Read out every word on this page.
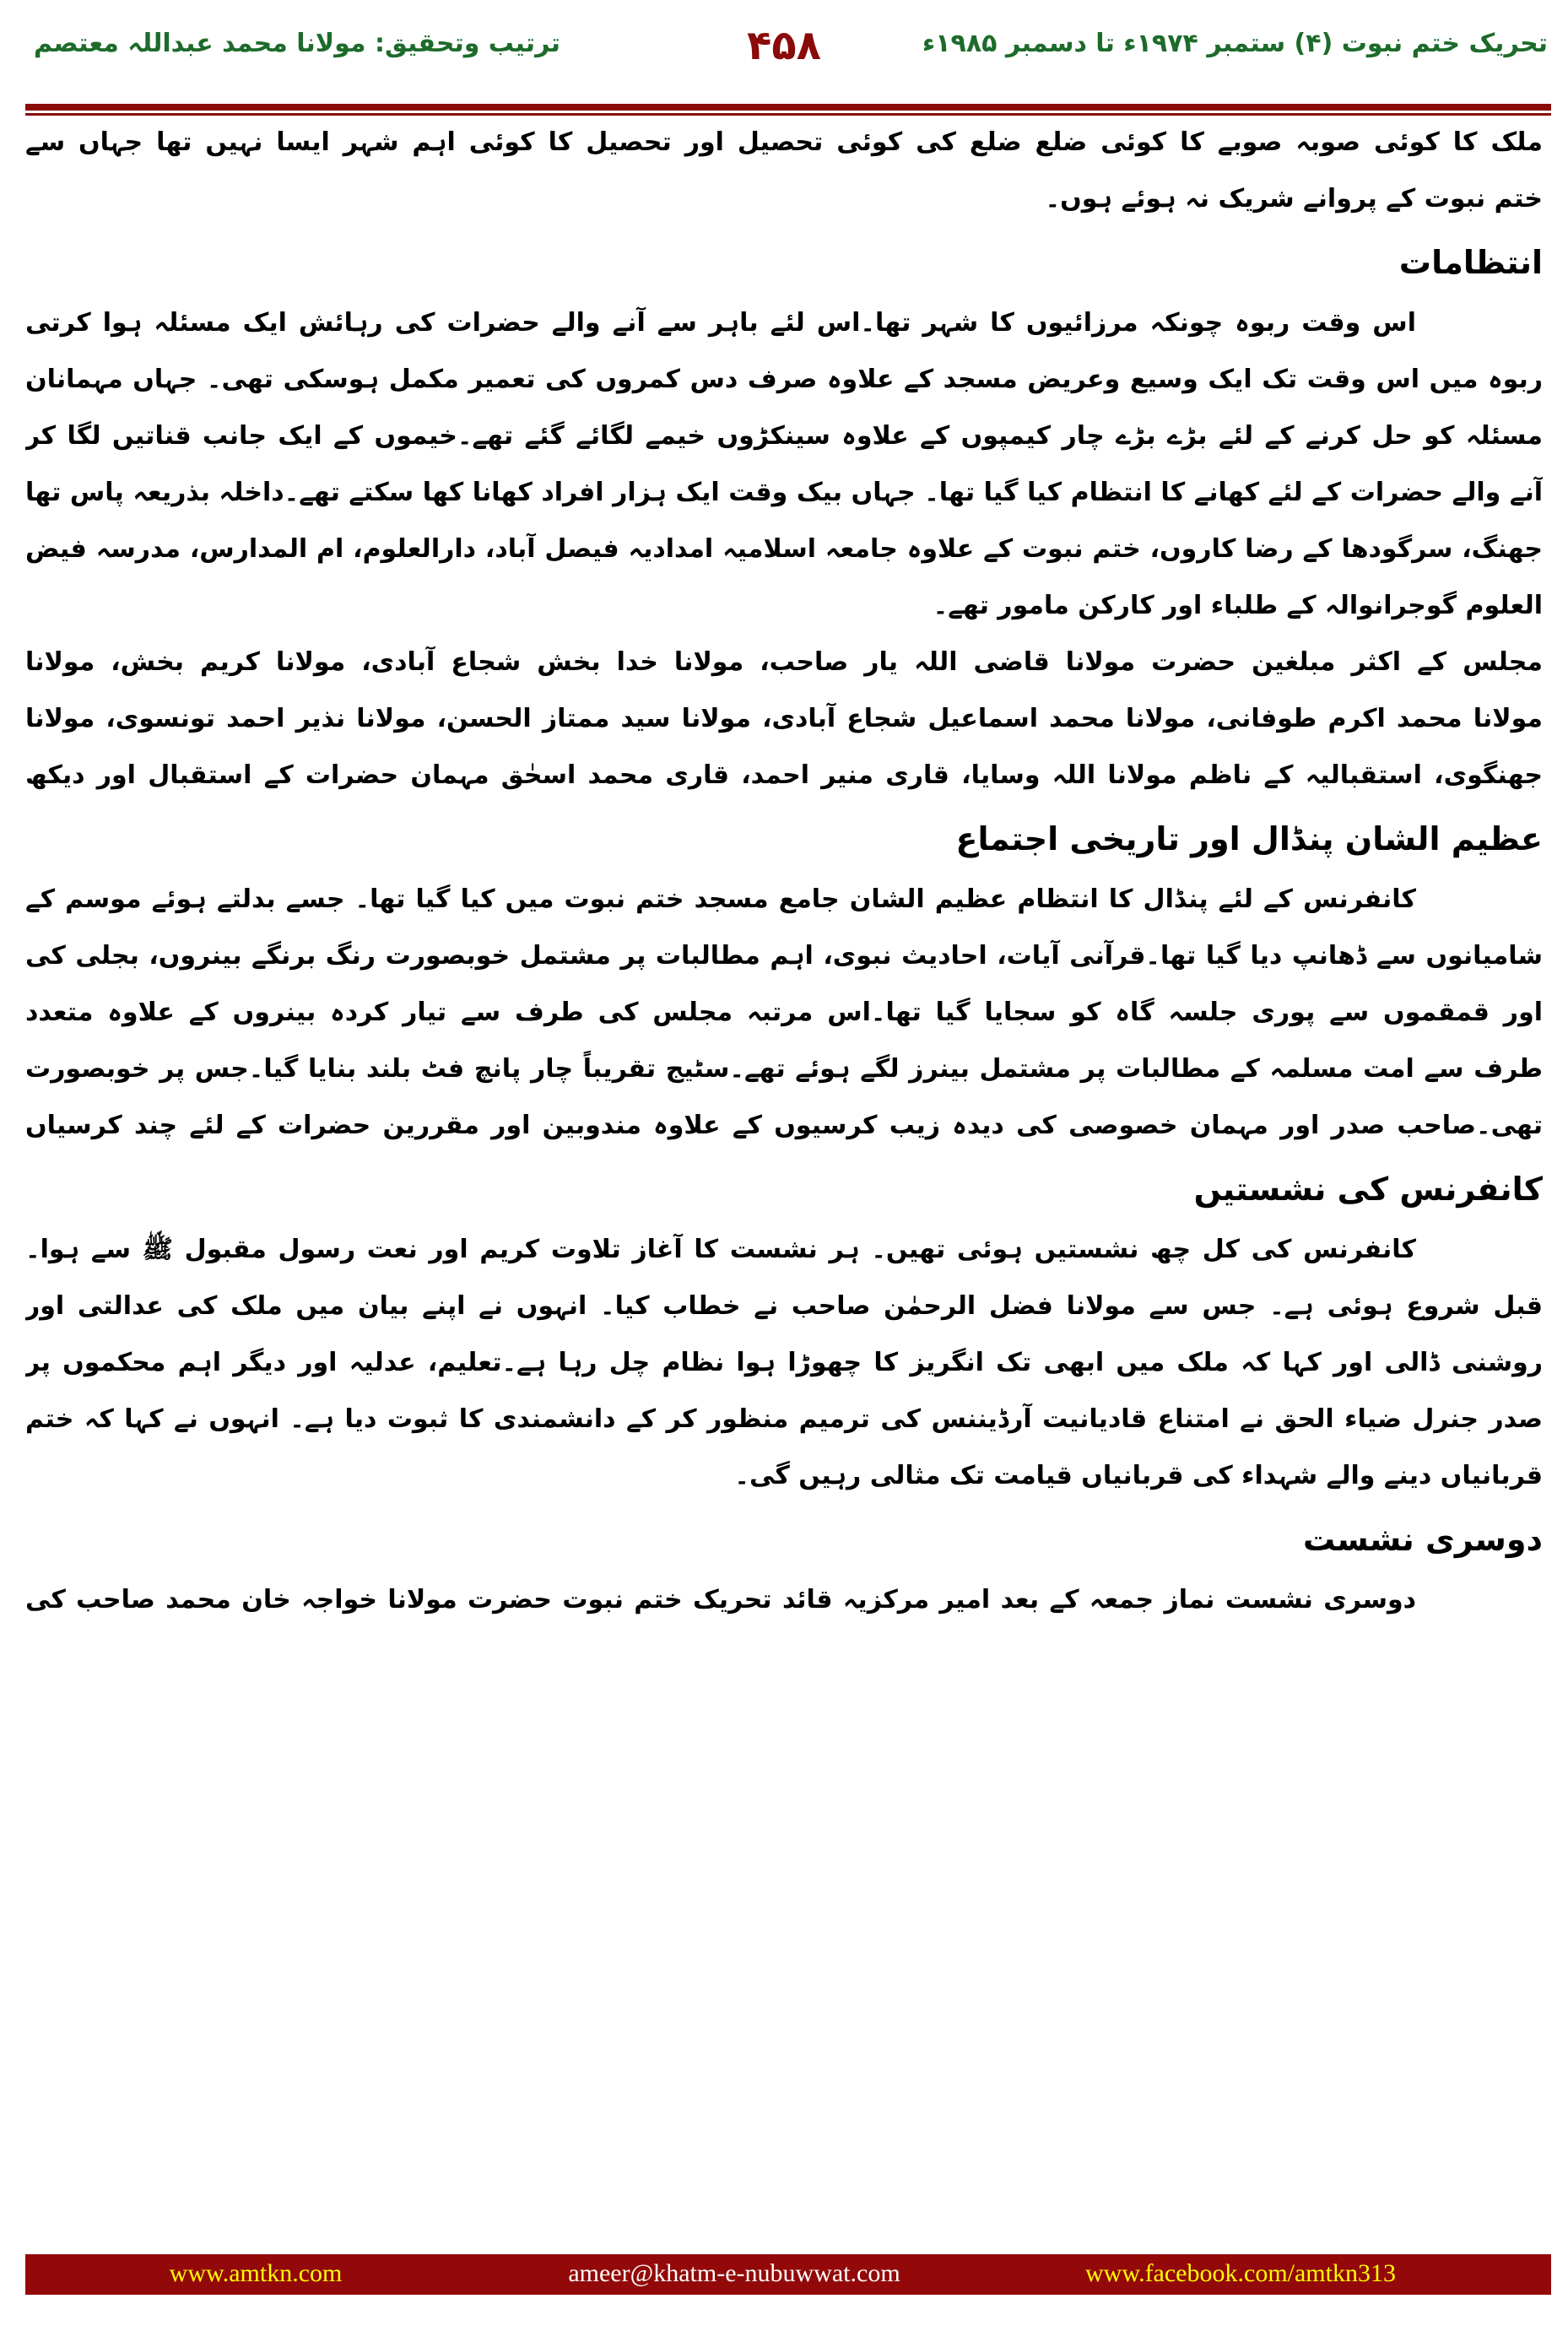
تحریک ختم نبوت (۴) ستمبر ۱۹۷۴ء تا دسمبر ۱۹۸۵ء
۴۵۸
ترتیب وتحقیق: مولانا محمد عبداللہ معتصم
ملک کا کوئی صوبہ صوبے کا کوئی ضلع ضلع کی کوئی تحصیل اور تحصیل کا کوئی اہم شہر ایسا نہیں تھا جہاں سے
ختم نبوت کے پروانے شریک نہ ہوئے ہوں۔
انتظامات
اس وقت ربوہ چونکہ مرزائیوں کا شہر تھا۔اس لئے باہر سے آنے والے حضرات کی رہائش ایک مسئلہ ہوا کرتی
ربوہ میں اس وقت تک ایک وسیع وعریض مسجد کے علاوہ صرف دس کمروں کی تعمیر مکمل ہوسکی تھی۔ جہاں مہمانان
مسئلہ کو حل کرنے کے لئے بڑے بڑے چار کیمپوں کے علاوہ سینکڑوں خیمے لگائے گئے تھے۔خیموں کے ایک جانب قناتیں لگا کر
آنے والے حضرات کے لئے کھانے کا انتظام کیا گیا تھا۔ جہاں بیک وقت ایک ہزار افراد کھانا کھا سکتے تھے۔داخلہ بذریعہ پاس تھا
جھنگ، سرگودھا کے رضا کاروں، ختم نبوت کے علاوہ جامعہ اسلامیہ امدادیہ فیصل آباد، دارالعلوم، ام المدارس، مدرسہ فیض
العلوم گوجرانوالہ کے طلباء اور کارکن مامور تھے۔
مجلس کے اکثر مبلغین حضرت مولانا قاضی اللہ یار صاحب، مولانا خدا بخش شجاع آبادی، مولانا کریم بخش، مولانا
مولانا محمد اکرم طوفانی، مولانا محمد اسماعیل شجاع آبادی، مولانا سید ممتاز الحسن، مولانا نذیر احمد تونسوی، مولانا
جھنگوی، استقبالیہ کے ناظم مولانا اللہ وسایا، قاری منیر احمد، قاری محمد اسحٰق مہمان حضرات کے استقبال اور دیکھ
عظیم الشان پنڈال اور تاریخی اجتماع
کانفرنس کے لئے پنڈال کا انتظام عظیم الشان جامع مسجد ختم نبوت میں کیا گیا تھا۔ جسے بدلتے ہوئے موسم کے
شامیانوں سے ڈھانپ دیا گیا تھا۔قرآنی آیات، احادیث نبوی، اہم مطالبات پر مشتمل خوبصورت رنگ برنگے بینروں، بجلی کی
اور قمقموں سے پوری جلسہ گاہ کو سجایا گیا تھا۔اس مرتبہ مجلس کی طرف سے تیار کردہ بینروں کے علاوہ متعدد
طرف سے امت مسلمہ کے مطالبات پر مشتمل بینرز لگے ہوئے تھے۔سٹیج تقریباً چار پانچ فٹ بلند بنایا گیا۔جس پر خوبصورت
تھی۔صاحب صدر اور مہمان خصوصی کی دیدہ زیب کرسیوں کے علاوہ مندوبین اور مقررین حضرات کے لئے چند کرسیاں
کانفرنس کی نشستیں
کانفرنس کی کل چھ نشستیں ہوئی تھیں۔ ہر نشست کا آغاز تلاوت کریم اور نعت رسول مقبول ﷺ سے ہوا۔
قبل شروع ہوئی ہے۔ جس سے مولانا فضل الرحمٰن صاحب نے خطاب کیا۔ انہوں نے اپنے بیان میں ملک کی عدالتی اور
روشنی ڈالی اور کہا کہ ملک میں ابھی تک انگریز کا چھوڑا ہوا نظام چل رہا ہے۔تعلیم، عدلیہ اور دیگر اہم محکموں پر
صدر جنرل ضیاء الحق نے امتناع قادیانیت آرڈیننس کی ترمیم منظور کر کے دانشمندی کا ثبوت دیا ہے۔ انہوں نے کہا کہ ختم
قربانیاں دینے والے شہداء کی قربانیاں قیامت تک مثالی رہیں گی۔
دوسری نشست
دوسری نشست نماز جمعہ کے بعد امیر مرکزیہ قائد تحریک ختم نبوت حضرت مولانا خواجہ خان محمد صاحب کی
www.amtkn.com	ameer@khatm-e-nubuwwat.com	www.facebook.com/amtkn313
